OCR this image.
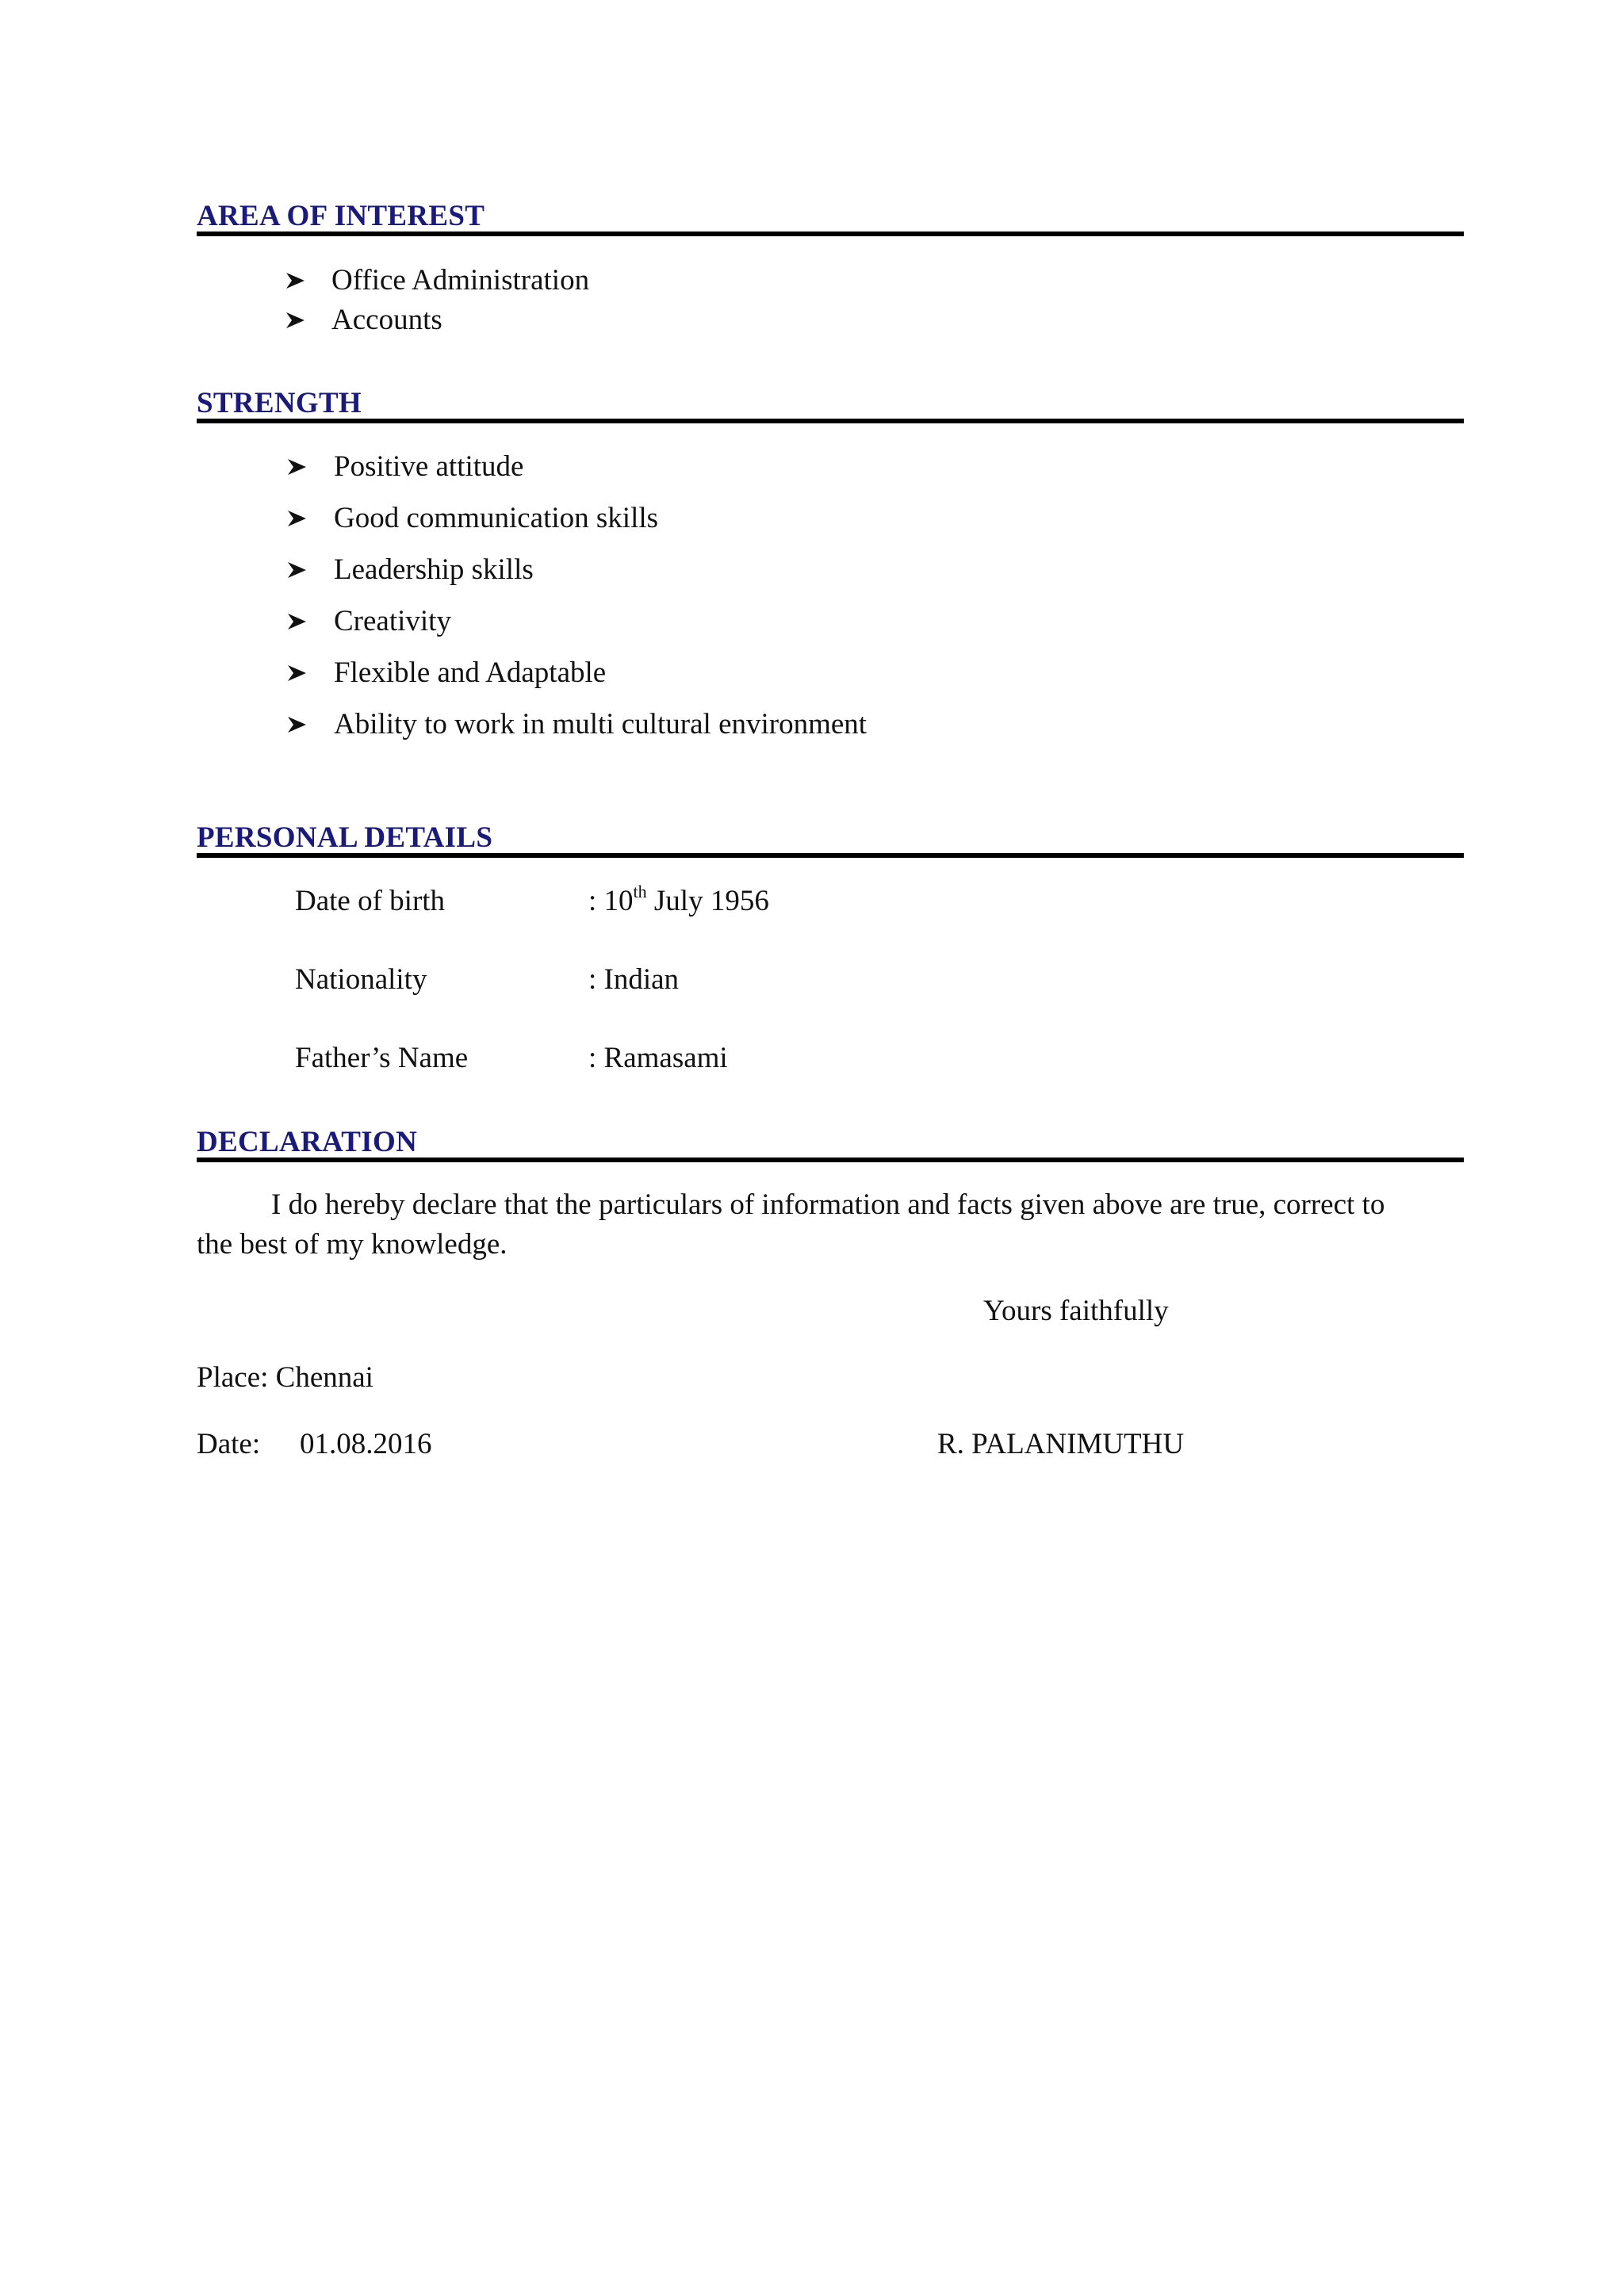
AREA OF INTEREST
Office Administration
Accounts
STRENGTH
Positive attitude
Good communication skills
Leadership skills
Creativity
Flexible and Adaptable
Ability to work in multi cultural environment
PERSONAL DETAILS
Date of birth	: 10th July 1956
Nationality	: Indian
Father’s Name	: Ramasami
DECLARATION
I do hereby declare that the particulars of information and facts given above are true, correct to
the best of my knowledge.
Yours faithfully
Place: Chennai
Date: 01.08.2016	R. PALANIMUTHU
